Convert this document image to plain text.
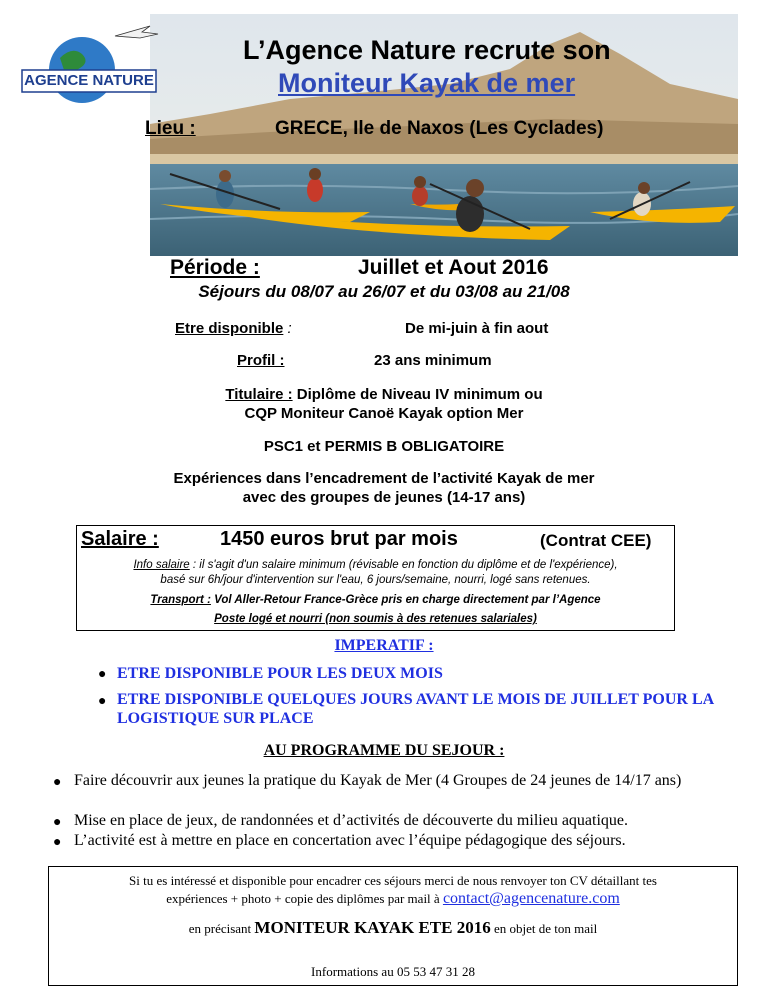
AGENCE NATURE
L’Agence Nature recrute son
Moniteur Kayak de mer
Lieu :	GRECE, Ile de Naxos (Les Cyclades)
Période :	Juillet et Aout 2016
Séjours du 08/07 au 26/07 et du 03/08 au 21/08
Etre disponible :	De mi-juin à fin aout
Profil :	23 ans minimum
Titulaire : Diplôme de Niveau IV minimum ou
CQP Moniteur Canoë Kayak option Mer
PSC1 et PERMIS B OBLIGATOIRE
Expériences dans l’encadrement de l’activité Kayak de mer
avec des groupes de jeunes (14-17 ans)
Salaire :	1450 euros brut par mois	(Contrat CEE)
Info salaire : il s'agit d'un salaire minimum (révisable en fonction du diplôme et de l'expérience),
basé sur 6h/jour d'intervention sur l'eau, 6 jours/semaine, nourri, logé sans retenues.
Transport : Vol Aller-Retour France-Grèce pris en charge directement par l’Agence
Poste logé et nourri (non soumis à des retenues salariales)
IMPERATIF :
● ETRE DISPONIBLE POUR LES DEUX MOIS
● ETRE DISPONIBLE QUELQUES JOURS AVANT LE MOIS DE JUILLET POUR LA LOGISTIQUE SUR PLACE
AU PROGRAMME DU SEJOUR :
● Faire découvrir aux jeunes la pratique du Kayak de Mer (4 Groupes de 24 jeunes de 14/17 ans)
● Mise en place de jeux, de randonnées et d’activités de découverte du milieu aquatique.
● L’activité est à mettre en place en concertation avec l’équipe pédagogique des séjours.
Si tu es intéressé et disponible pour encadrer ces séjours merci de nous renvoyer ton CV détaillant tes
expériences + photo + copie des diplômes par mail à contact@agencenature.com
en précisant MONITEUR KAYAK ETE 2016 en objet de ton mail
Informations au 05 53 47 31 28
